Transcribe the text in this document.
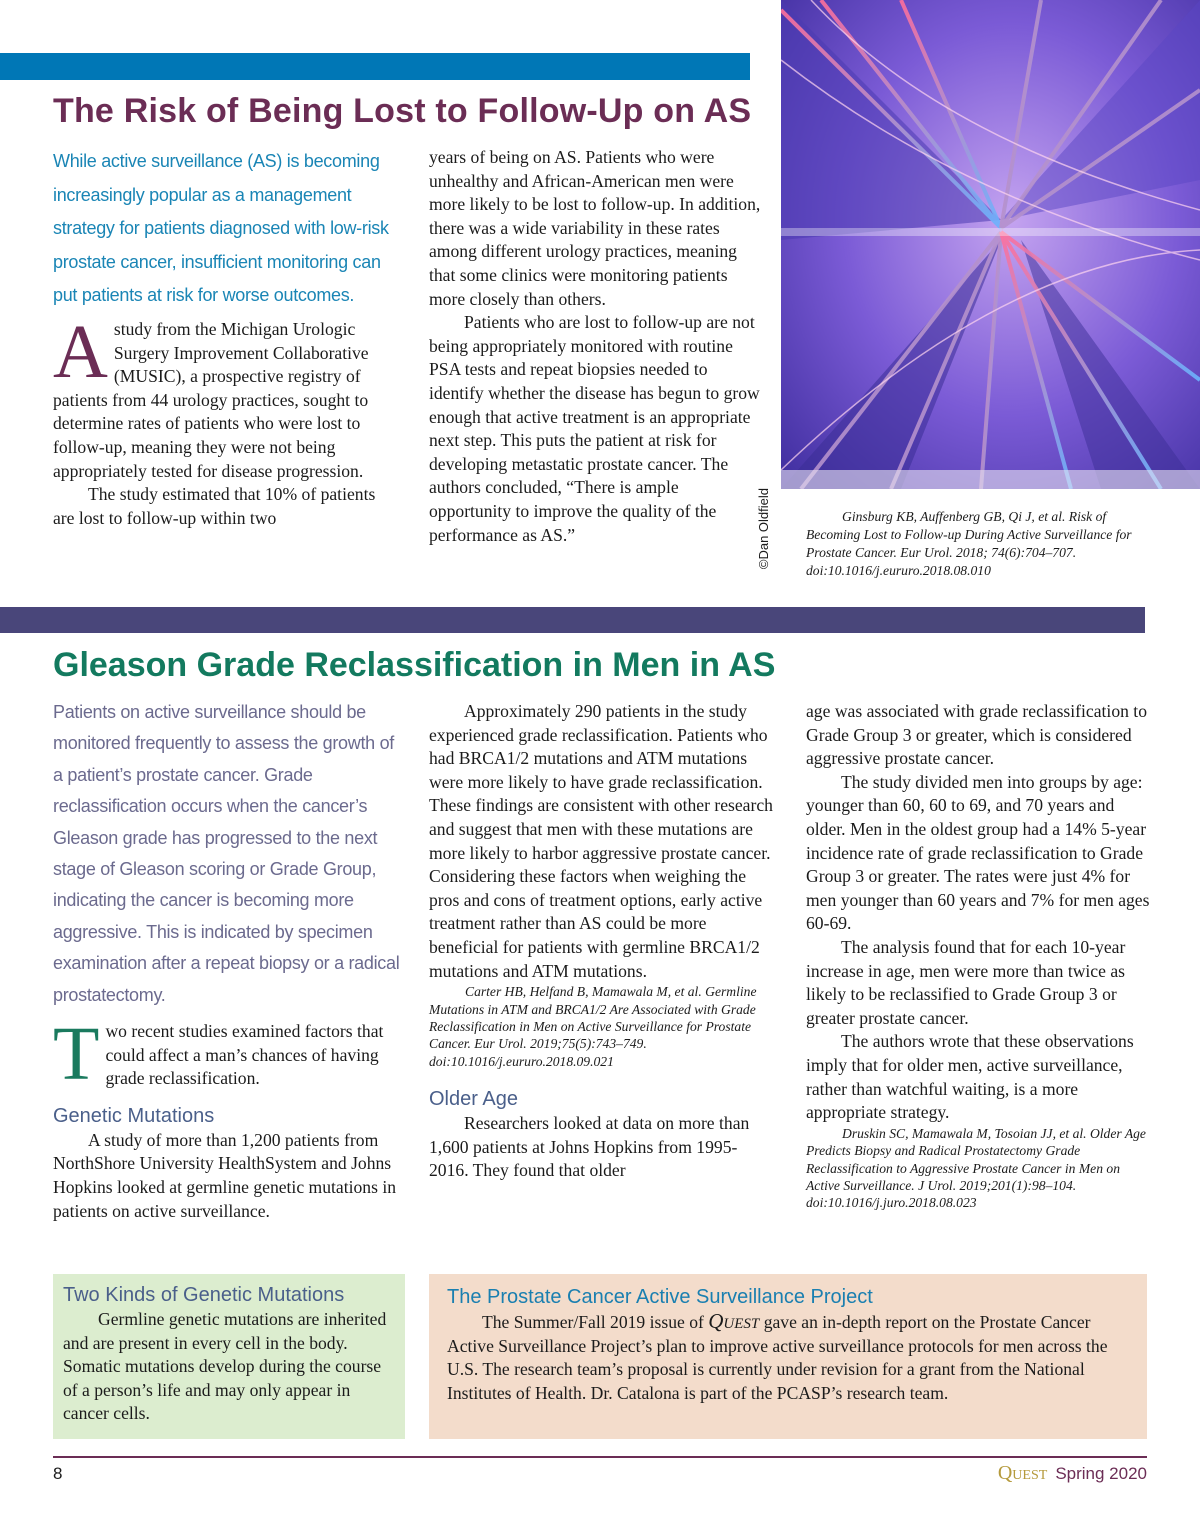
The Risk of Being Lost to Follow-Up on AS
While active surveillance (AS) is becoming increasingly popular as a management strategy for patients diagnosed with low-risk prostate cancer, insufficient monitoring can put patients at risk for worse outcomes.

Astudy from the Michigan Urologic Surgery Improvement Collaborative (MUSIC), a prospective registry of patients from 44 urology practices, sought to determine rates of patients who were lost to follow-up, meaning they were not being appropriately tested for disease progression.

The study estimated that 10% of patients are lost to follow-up within two

years of being on AS. Patients who were unhealthy and African-American men were more likely to be lost to follow-up. In addition, there was a wide variability in these rates among different urology practices, meaning that some clinics were monitoring patients more closely than others.

Patients who are lost to follow-up are not being appropriately monitored with routine PSA tests and repeat biopsies needed to identify whether the disease has begun to grow enough that active treatment is an appropriate next step. This puts the patient at risk for developing metastatic prostate cancer. The authors concluded, “There is ample opportunity to improve the quality of the performance as AS.”	©Dan Oldfield	Ginsburg KB, Auffenberg GB, Qi J, et al. Risk of Becoming Lost to Follow-up During Active Surveillance for Prostate Cancer. Eur Urol. 2018; 74(6):704–707. doi:10.1016/j.eururo.2018.08.010

Gleason Grade Reclassification in Men in AS
Patients on active surveillance should be monitored frequently to assess the growth of a patient’s prostate cancer. Grade reclassification occurs when the cancer’s Gleason grade has progressed to the next stage of Gleason scoring or Grade Group, indicating the cancer is becoming more aggressive. This is indicated by specimen examination after a repeat biopsy or a radical prostatectomy.

Two recent studies examined factors that could affect a man’s chances of having grade reclassification.

Genetic Mutations

A study of more than 1,200 patients from NorthShore University HealthSystem and Johns Hopkins looked at germline genetic mutations in patients on active surveillance.

Approximately 290 patients in the study experienced grade reclassification. Patients who had BRCA1/2 mutations and ATM mutations were more likely to have grade reclassification. These findings are consistent with other research and suggest that men with these mutations are more likely to harbor aggressive prostate cancer. Considering these factors when weighing the pros and cons of treatment options, early active treatment rather than AS could be more beneficial for patients with germline BRCA1/2 mutations and ATM mutations.

Carter HB, Helfand B, Mamawala M, et al. Germline Mutations in ATM and BRCA1/2 Are Associated with Grade Reclassification in Men on Active Surveillance for Prostate Cancer. Eur Urol. 2019;75(5):743–749. doi:10.1016/j.eururo.2018.09.021

Older Age

Researchers looked at data on more than 1,600 patients at Johns Hopkins from 1995-2016. They found that older

age was associated with grade reclassification to Grade Group 3 or greater, which is considered aggressive prostate cancer.

The study divided men into groups by age: younger than 60, 60 to 69, and 70 years and older. Men in the oldest group had a 14% 5-year incidence rate of grade reclassification to Grade Group 3 or greater. The rates were just 4% for men younger than 60 years and 7% for men ages 60-69.

The analysis found that for each 10-year increase in age, men were more than twice as likely to be reclassified to Grade Group 3 or greater prostate cancer.

The authors wrote that these observations imply that for older men, active surveillance, rather than watchful waiting, is a more appropriate strategy.

Druskin SC, Mamawala M, Tosoian JJ, et al. Older Age Predicts Biopsy and Radical Prostatectomy Grade Reclassification to Aggressive Prostate Cancer in Men on Active Surveillance. J Urol. 2019;201(1):98–104. doi:10.1016/j.juro.2018.08.023

Two Kinds of Genetic Mutations

Germline genetic mutations are inherited and are present in every cell in the body. Somatic mutations develop during the course of a person’s life and may only appear in cancer cells.

The Prostate Cancer Active Surveillance Project

The Summer/Fall 2019 issue of Quest gave an in-depth report on the Prostate Cancer Active Surveillance Project’s plan to improve active surveillance protocols for men across the U.S. The research team’s proposal is currently under revision for a grant from the National Institutes of Health. Dr. Catalona is part of the PCASP’s research team.

8	Quest Spring 2020
